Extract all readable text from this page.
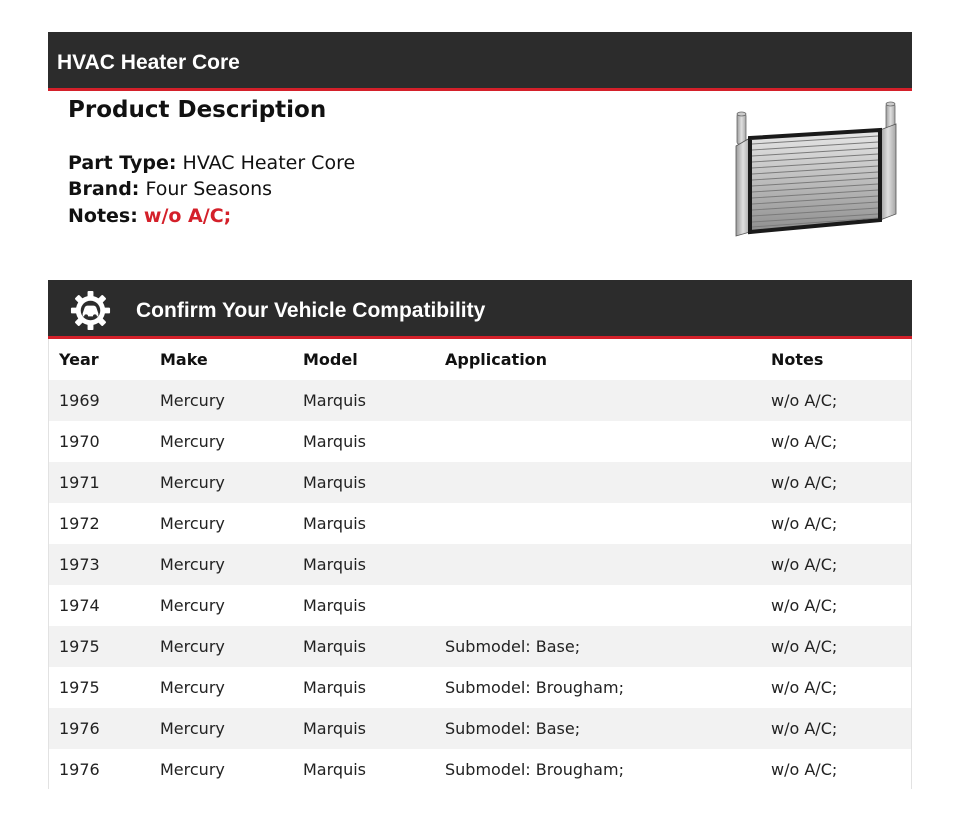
HVAC Heater Core
Product Description
Part Type: HVAC Heater Core
Brand: Four Seasons
Notes: w/o A/C;
Confirm Your Vehicle Compatibility
Year	Make	Model	Application	Notes
1969	Mercury	Marquis		w/o A/C;
1970	Mercury	Marquis		w/o A/C;
1971	Mercury	Marquis		w/o A/C;
1972	Mercury	Marquis		w/o A/C;
1973	Mercury	Marquis		w/o A/C;
1974	Mercury	Marquis		w/o A/C;
1975	Mercury	Marquis	Submodel: Base;	w/o A/C;
1975	Mercury	Marquis	Submodel: Brougham;	w/o A/C;
1976	Mercury	Marquis	Submodel: Base;	w/o A/C;
1976	Mercury	Marquis	Submodel: Brougham;	w/o A/C;
